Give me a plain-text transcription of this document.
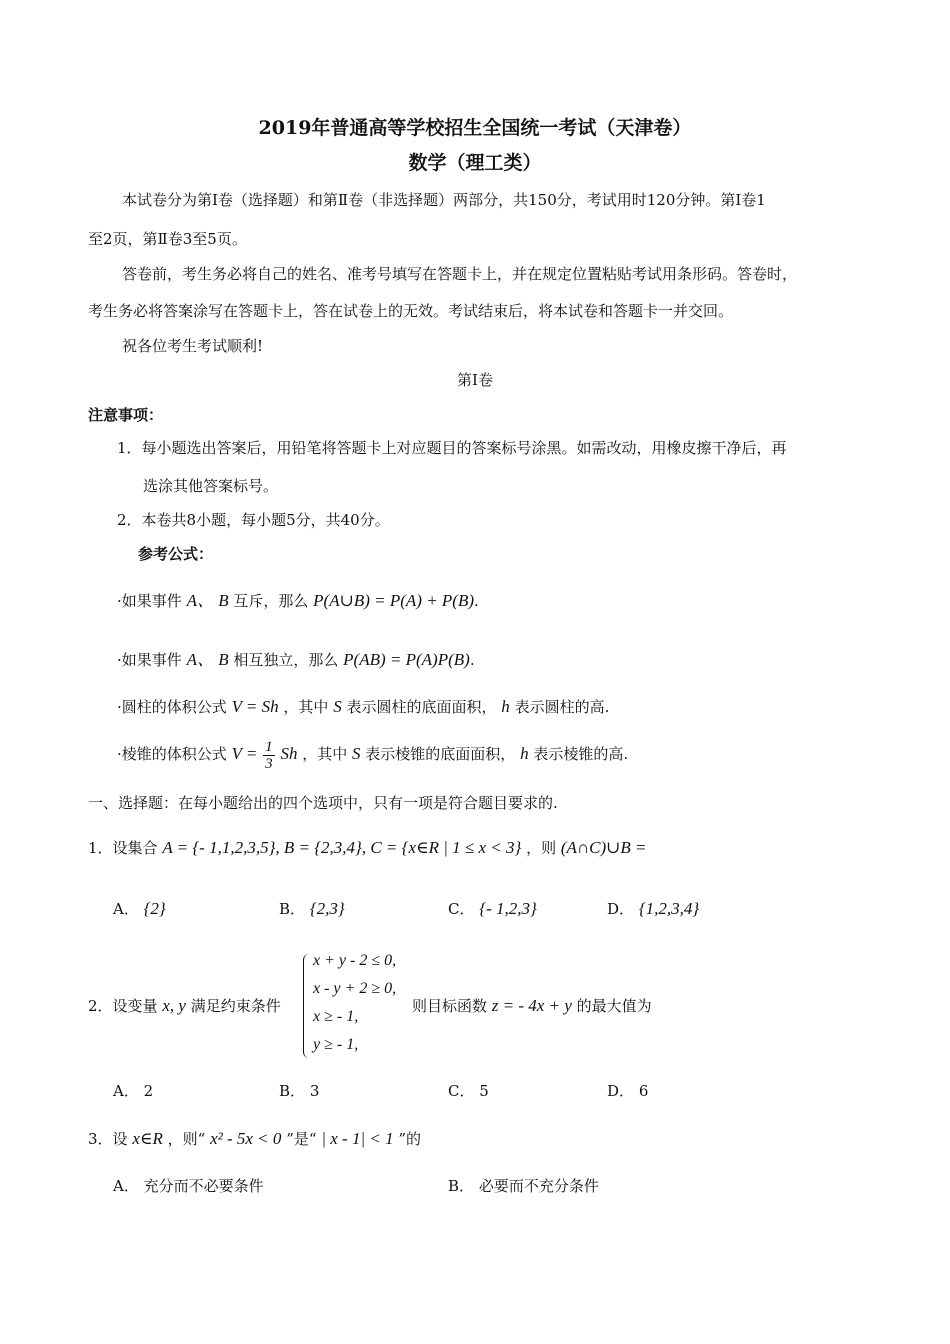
2019年普通高等学校招生全国统一考试（天津卷）
数学（理工类）
本试卷分为第Ⅰ卷（选择题）和第Ⅱ卷（非选择题）两部分，共150分，考试用时120分钟。第Ⅰ卷1
至2页，第Ⅱ卷3至5页。
答卷前，考生务必将自己的姓名、准考号填写在答题卡上，并在规定位置粘贴考试用条形码。答卷时，
考生务必将答案涂写在答题卡上，答在试卷上的无效。考试结束后，将本试卷和答题卡一并交回。
祝各位考生考试顺利!
第Ⅰ卷
注意事项：
1．每小题选出答案后，用铅笔将答题卡上对应题目的答案标号涂黑。如需改动，用橡皮擦干净后，再
选涂其他答案标号。
2．本卷共8小题，每小题5分，共40分。
参考公式：
·如果事件 A、 B 互斥，那么 P(A∪B) = P(A) + P(B).
·如果事件 A、 B 相互独立，那么 P(AB) = P(A)P(B).
·圆柱的体积公式 V = Sh ，其中 S 表示圆柱的底面面积， h 表示圆柱的高.
·棱锥的体积公式 $V = \frac{1}{3}$ Sh ，其中 S 表示棱锥的底面面积， h 表示棱锥的高.
一、选择题：在每小题给出的四个选项中，只有一项是符合题目要求的.
1．设集合 A = {- 1,1,2,3,5}, B = {2,3,4}, C = {x∈R | 1 ≤ x < 3} ，则 (A∩C)∪B =
A． {2}	B． {2,3}	C． {- 1,2,3}	D． {1,2,3,4}
2．设变量 x, y 满足约束条件
x + y - 2 ≤ 0,
x - y + 2 ≥ 0,
x ≥ - 1,
y ≥ - 1,
则目标函数 z = - 4x + y 的最大值为
A． 2	B． 3	C． 5	D． 6
3．设 x∈R ，则“ x² - 5x < 0 ”是“ | x - 1| < 1 ”的
A． 充分而不必要条件	B． 必要而不充分条件
